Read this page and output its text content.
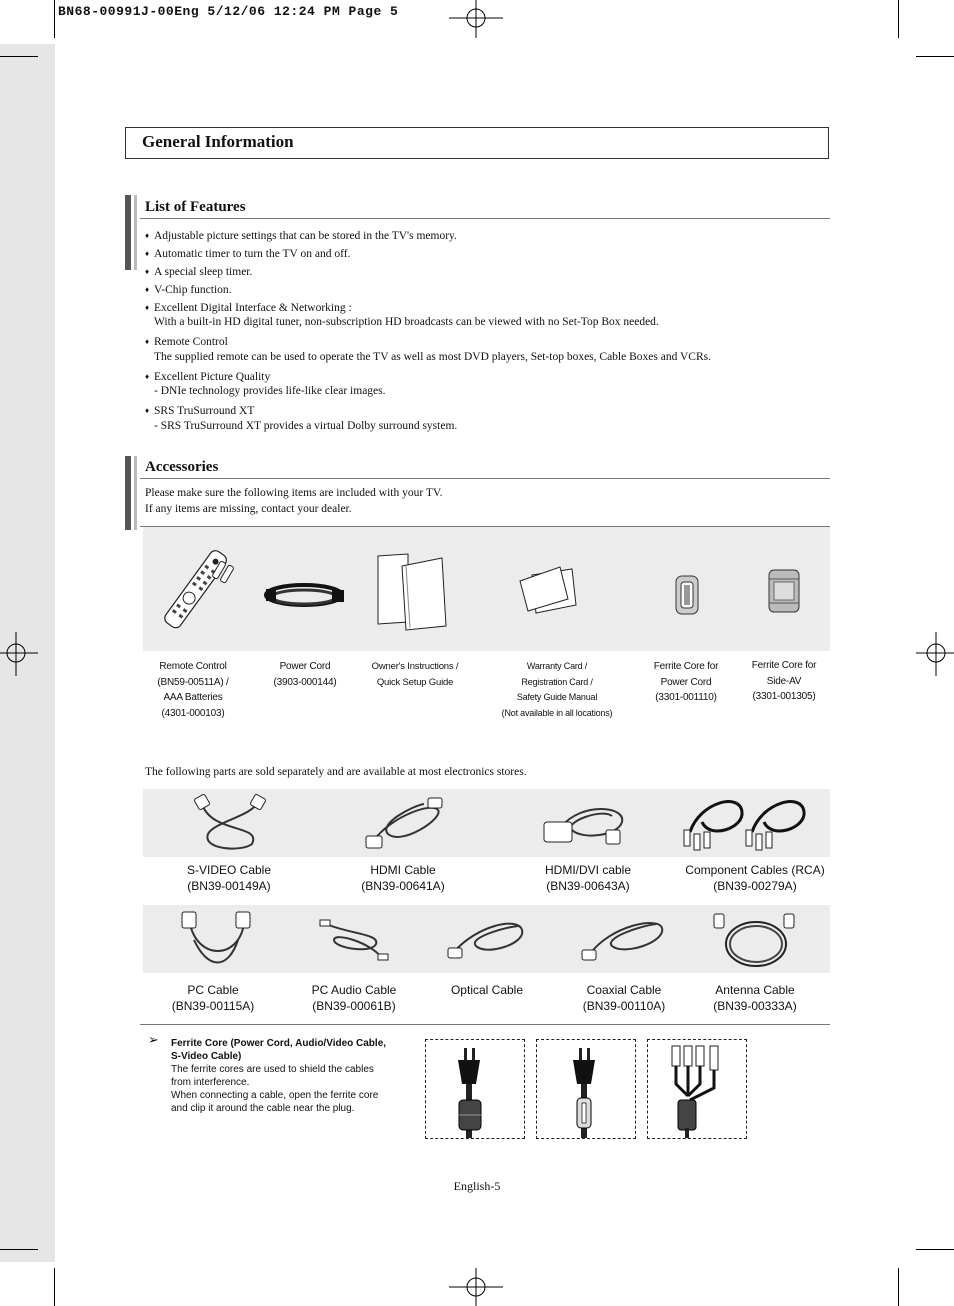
BN68-00991J-00Eng 5/12/06 12:24 PM Page 5
General Information
List of Features
♦ Adjustable picture settings that can be stored in the TV's memory.
♦ Automatic timer to turn the TV on and off.
♦ A special sleep timer.
♦ V-Chip function.
♦ Excellent Digital Interface & Networking :
With a built-in HD digital tuner, non-subscription HD broadcasts can be viewed with no Set-Top Box needed.
♦ Remote Control
The supplied remote can be used to operate the TV as well as most DVD players, Set-top boxes, Cable Boxes and VCRs.
♦ Excellent Picture Quality
- DNIe technology provides life-like clear images.
♦ SRS TruSurround XT
- SRS TruSurround XT provides a virtual Dolby surround system.
Accessories
Please make sure the following items are included with your TV.
If any items are missing, contact your dealer.
Remote Control
(BN59-00511A) /
AAA Batteries
(4301-000103)
Power Cord
(3903-000144)
Owner's Instructions /
Quick Setup Guide
Warranty Card /
Registration Card /
Safety Guide Manual
(Not available in all locations)
Ferrite Core for
Power Cord
(3301-001110)
Ferrite Core for
Side-AV
(3301-001305)
The following parts are sold separately and are available at most electronics stores.
S-VIDEO Cable
(BN39-00149A)
HDMI Cable
(BN39-00641A)
HDMI/DVI cable
(BN39-00643A)
Component Cables (RCA)
(BN39-00279A)
PC Cable
(BN39-00115A)
PC Audio Cable
(BN39-00061B)
Optical Cable	Coaxial Cable
(BN39-00110A)
Antenna Cable
(BN39-00333A)
➢ Ferrite Core (Power Cord, Audio/Video Cable,
S-Video Cable)
The ferrite cores are used to shield the cables
from interference.
When connecting a cable, open the ferrite core
and clip it around the cable near the plug.
English-5
